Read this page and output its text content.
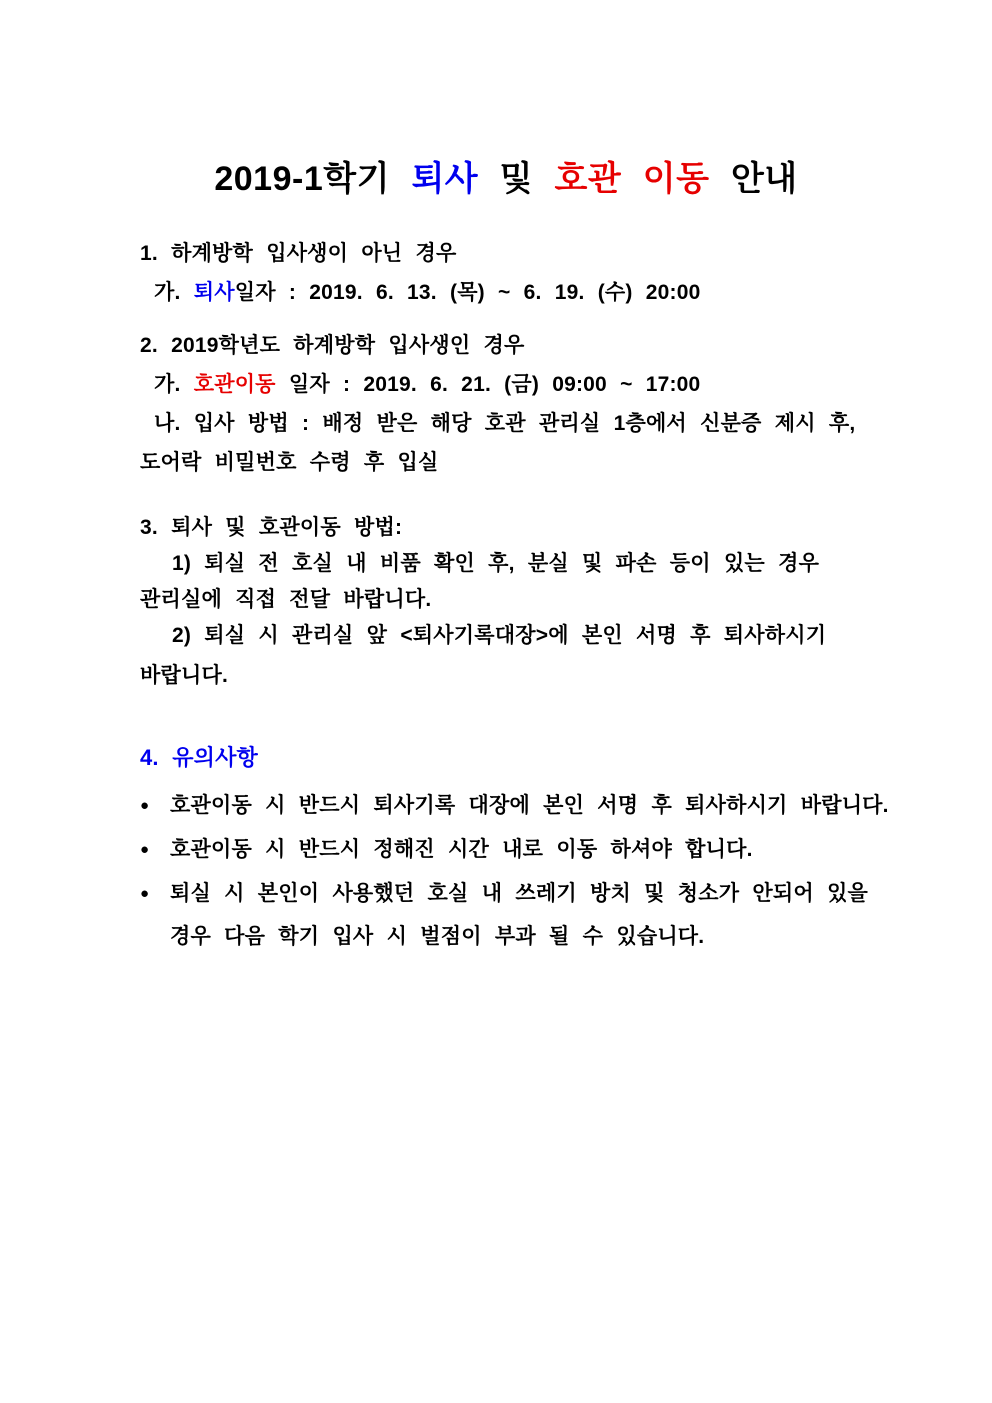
2019-1학기 퇴사 및 호관 이동 안내
1. 하계방학 입사생이 아닌 경우
가. 퇴사일자 : 2019. 6. 13. (목) ~ 6. 19. (수) 20:00
2. 2019학년도 하계방학 입사생인 경우
가. 호관이동 일자 : 2019. 6. 21. (금) 09:00 ~ 17:00
나. 입사 방법 : 배정 받은 해당 호관 관리실 1층에서 신분증 제시 후,
도어락 비밀번호 수령 후 입실
3. 퇴사 및 호관이동 방법:
1) 퇴실 전 호실 내 비품 확인 후, 분실 및 파손 등이 있는 경우
관리실에 직접 전달 바랍니다.
2) 퇴실 시 관리실 앞 <퇴사기록대장>에 본인 서명 후 퇴사하시기
바랍니다.
4. 유의사항
● 호관이동 시 반드시 퇴사기록 대장에 본인 서명 후 퇴사하시기 바랍니다.
● 호관이동 시 반드시 정해진 시간 내로 이동 하셔야 합니다.
● 퇴실 시 본인이 사용했던 호실 내 쓰레기 방치 및 청소가 안되어 있을
경우 다음 학기 입사 시 벌점이 부과 될 수 있습니다.
